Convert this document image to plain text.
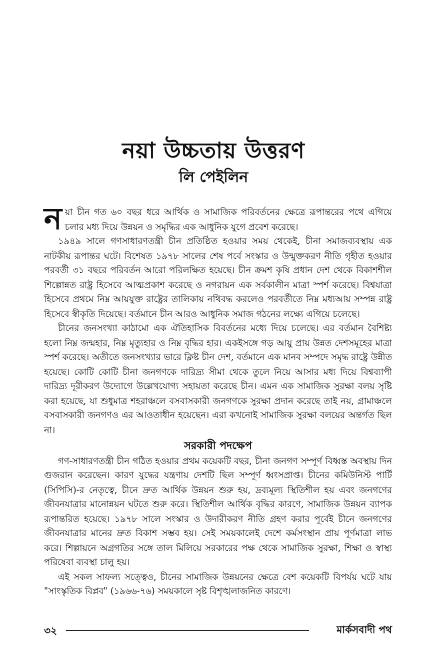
নয়া উচ্চতায় উত্তরণ
লি পেইলিন

নয়া চীন গত ৬০ বছর ধরে আর্থিক ও সামাজিক পরিবর্তনের ক্ষেত্রে রূপান্তরের পথে এগিয়ে চলার মধ্য দিয়ে উন্নয়ন ও সমৃদ্ধির এক আধুনিক যুগে প্রবেশ করেছে।

১৯৪৯ সালে গণসাধারণতন্ত্রী চীন প্রতিষ্ঠিত হওয়ার সময় থেকেই, চীনা সমাজব্যবস্থায় এক নাটকীয় রূপান্তর ঘটে। বিশেষত ১৯৭৮ সালের শেষ পর্বে সংস্কার ও উন্মুক্তকরণ নীতি গৃহীত হওয়ার পরবর্তী ৩১ বছরে পরিবর্তন আরো পরিলক্ষিত হয়েছে। চীন ক্রমশ কৃষি প্রধান দেশ থেকে বিকাশশীল শিল্পোন্নত রাষ্ট্র হিসেবে আত্মপ্রকাশ করেছে ও নগরায়ন এক সর্বকালীন মাত্রা স্পর্শ করেছে। বিশ্বযাত্রা হিসেবে প্রথমে নিম্ন আয়যুক্ত রাষ্ট্রের তালিকায় নথিবদ্ধ করলেও পরবর্তীতে নিম্ন মধ্যআয় সম্পন্ন রাষ্ট্র হিসেবে স্বীকৃতি দিয়েছে। বর্তমানে চীন আরও আধুনিক সমাজ গঠনের লক্ষ্যে এগিয়ে চলেছে।

চীনের জনসংখ্যা কাঠামো এক ঐতিহাসিক বিবর্তনের মধ্যে দিয়ে চলেছে। এর বর্তমান বৈশিষ্ট্য হলো নিম্ন জন্মহার, নিম্ন মৃত্যুহার ও নিম্ন বৃদ্ধির হার। একইসঙ্গে গড় আয়ু প্রায় উন্নত দেশসমূহের মাত্রা স্পর্শ করেছে। অতীতে জনসংখ্যার ভারে ক্লিষ্ট চীন দেশ, বর্তমানে এক মানব সম্পদে সমৃদ্ধ রাষ্ট্রে উন্নীত হয়েছে। কোটি কোটি চীনা জনগণকে দারিদ্র্য সীমা থেকে তুলে নিয়ে আসার মধ্য দিয়ে বিশ্বব্যাপী দারিদ্র্য দূরীকরণ উদ্যোগে উল্লেখযোগ্য সহায়তা করেছে চীন। এমন এক সামাজিক সুরক্ষা বলয় সৃষ্টি করা হয়েছে, যা শুধুমাত্র শহরাঞ্চলে বসবাসকারী জনগণকে সুরক্ষা প্রদান করেছে তাই নয়, গ্রামাঞ্চলে বসবাসকারী জনগণও এর আওতাধীন হয়েছেন। এরা কখনোই সামাজিক সুরক্ষা বলয়ের অন্তর্গত ছিল না।

সরকারী পদক্ষেপ

গণ-সাধারণতন্ত্রী চীন গঠিত হওয়ার প্রথম কয়েকটি বছর, চীনা জনগণ সম্পূর্ণ বিধ্বস্ত অবস্থায় দিন গুজরান করেছেন। কারণ যুদ্ধের যন্ত্রণায় দেশটি ছিল সম্পূর্ণ ধ্বংসপ্রাপ্ত। চীনের কমিউনিস্ট পার্টি (সিপিসি)-র নেতৃত্বে, চীনে দ্রুত আর্থিক উন্নয়ন শুরু হয়, দ্রব্যমূল্য স্থিতিশীল হয় এবং জনগণের জীবনযাত্রার মানোন্নয়ন ঘটতে শুরু করে। স্থিতিশীল আর্থিক বৃদ্ধির কারণে, সামাজিক উন্নয়ন ব্যাপক রূপান্তরিত হয়েছে। ১৯৭৮ সালে সংস্কার ও উদারীকরণ নীতি গ্রহণ করার পূর্বেই চীনে জনগণের জীবনযাত্রার মানের দ্রুত বিকাশ সম্ভব হয়। সেই সময়কালেই দেশে কর্মসংস্থান প্রায় পূর্ণমাত্রা লাভ করে। শিল্পায়নে অগ্রগতির সঙ্গে তাল মিলিয়ে সরকারের পক্ষ থেকে সামাজিক সুরক্ষা, শিক্ষা ও স্বাস্থ্য পরিষেবা ব্যবস্থা চালু হয়।

এই সকল সাফল্য সত্ত্বেও, চীনের সামাজিক উন্নয়নের ক্ষেত্রে বেশ কয়েকটি বিপর্যয় ঘটে যায় "সাংস্কৃতিক বিপ্লব" (১৯৬৬-৭৬) সময়কালে সৃষ্ট বিশৃঙ্খলাজনিত কারণে।

৩২	মার্কসবাদী পথ
